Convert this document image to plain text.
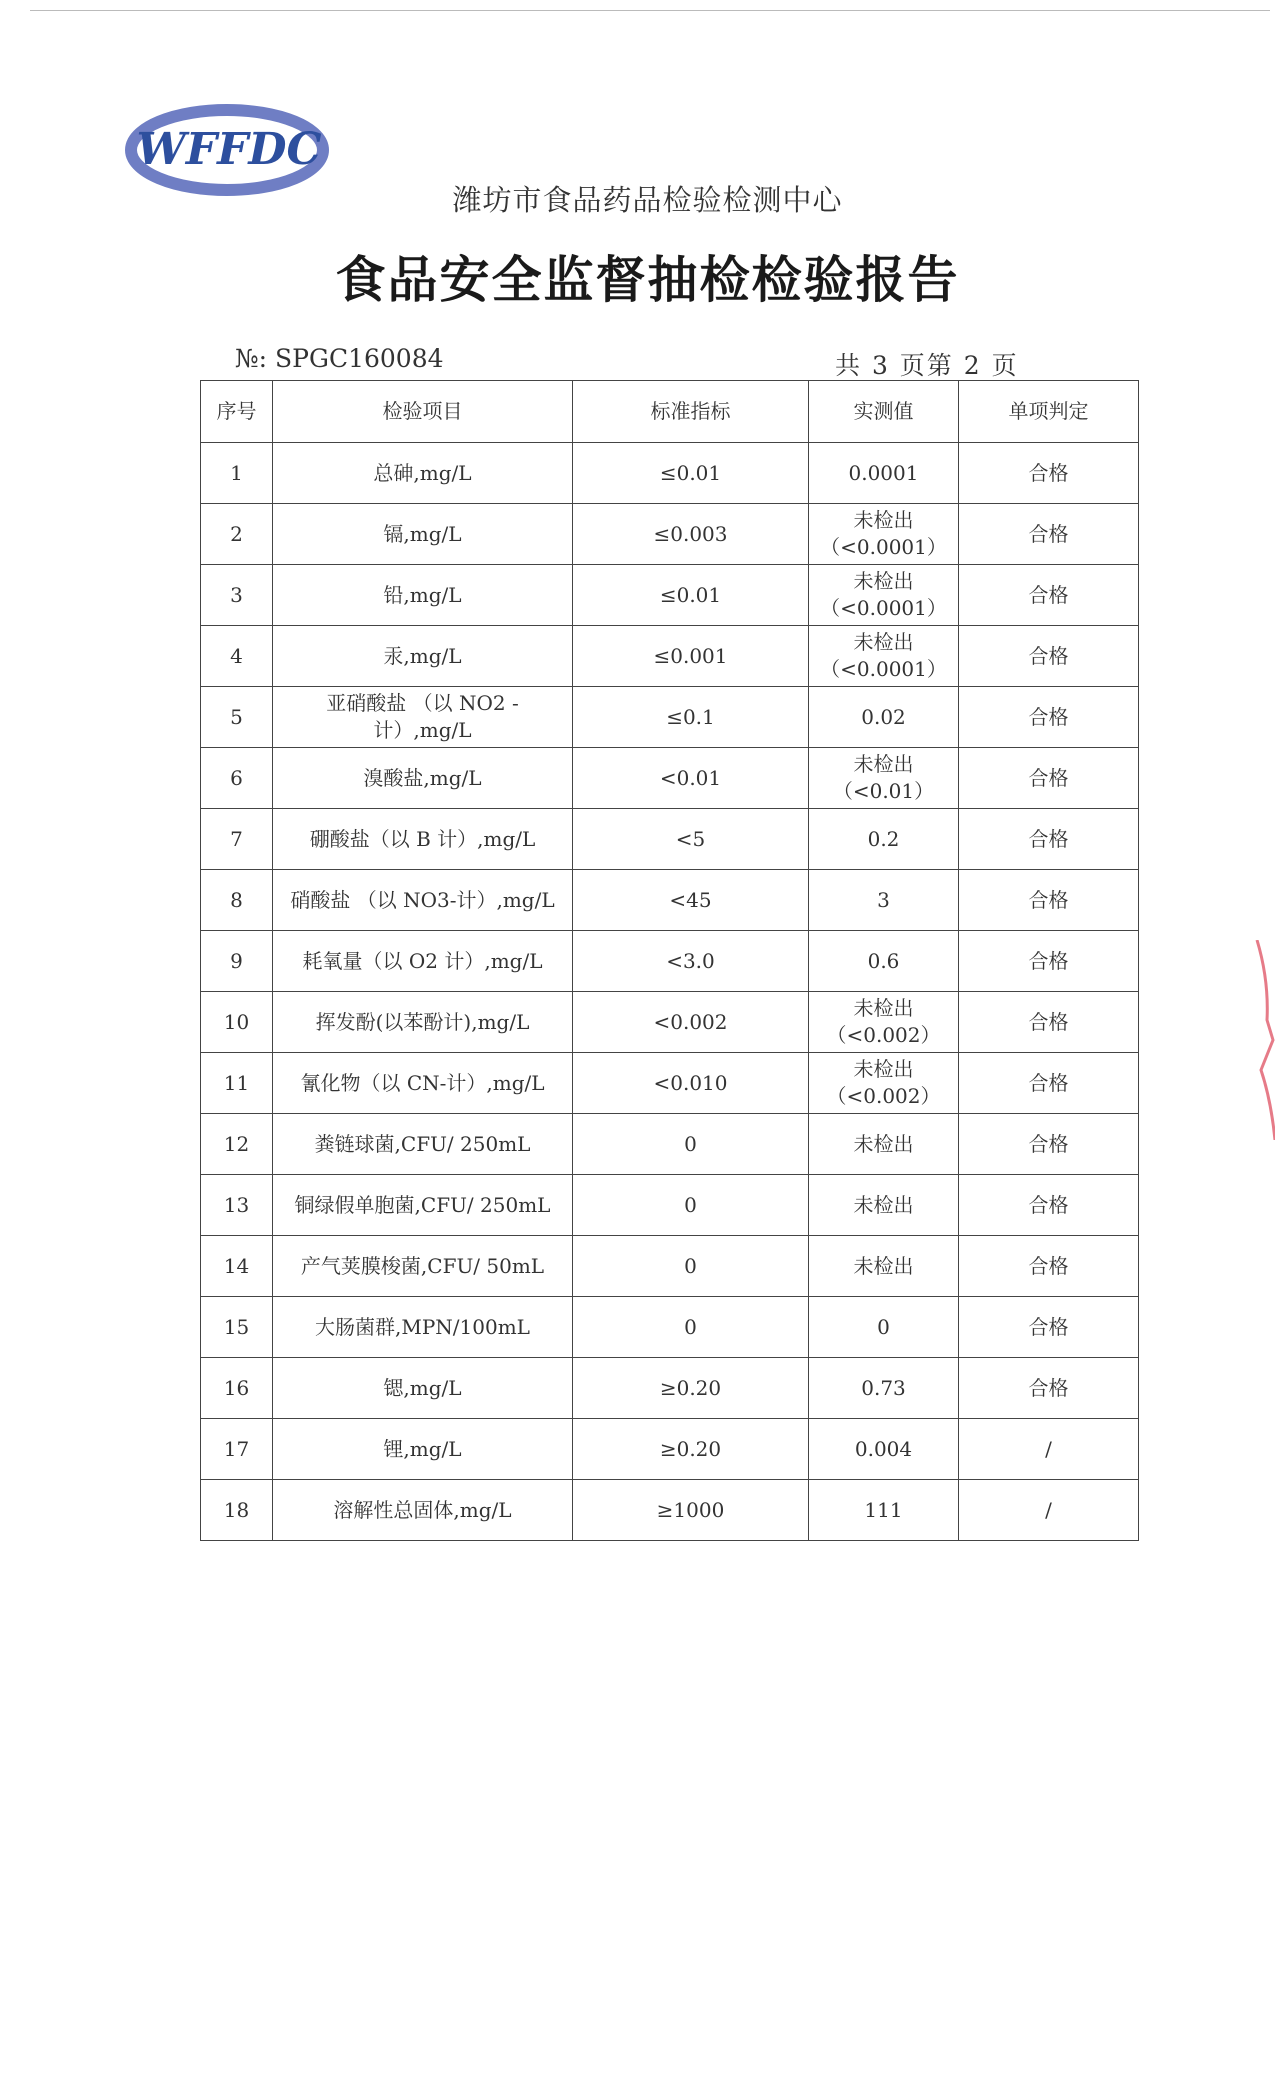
WFFDC
潍坊市食品药品检验检测中心
食品安全监督抽检检验报告
№: SPGC160084	共 3 页第 2 页
序号	检验项目	标准指标	实测值	单项判定
1	总砷,mg/L	≤0.01	0.0001	合格
2	镉,mg/L	≤0.003	未检出（<0.0001）	合格
3	铅,mg/L	≤0.01	未检出（<0.0001）	合格
4	汞,mg/L	≤0.001	未检出（<0.0001）	合格
5	亚硝酸盐 （以 NO2 - 计）,mg/L	≤0.1	0.02	合格
6	溴酸盐,mg/L	<0.01	未检出（<0.01）	合格
7	硼酸盐（以 B 计）,mg/L	<5	0.2	合格
8	硝酸盐 （以 NO3-计）,mg/L	<45	3	合格
9	耗氧量（以 O2 计）,mg/L	<3.0	0.6	合格
10	挥发酚(以苯酚计),mg/L	<0.002	未检出（<0.002）	合格
11	氰化物（以 CN-计）,mg/L	<0.010	未检出（<0.002）	合格
12	粪链球菌,CFU/ 250mL	0	未检出	合格
13	铜绿假单胞菌,CFU/ 250mL	0	未检出	合格
14	产气荚膜梭菌,CFU/ 50mL	0	未检出	合格
15	大肠菌群,MPN/100mL	0	0	合格
16	锶,mg/L	≥0.20	0.73	合格
17	锂,mg/L	≥0.20	0.004	/
18	溶解性总固体,mg/L	≥1000	111	/
